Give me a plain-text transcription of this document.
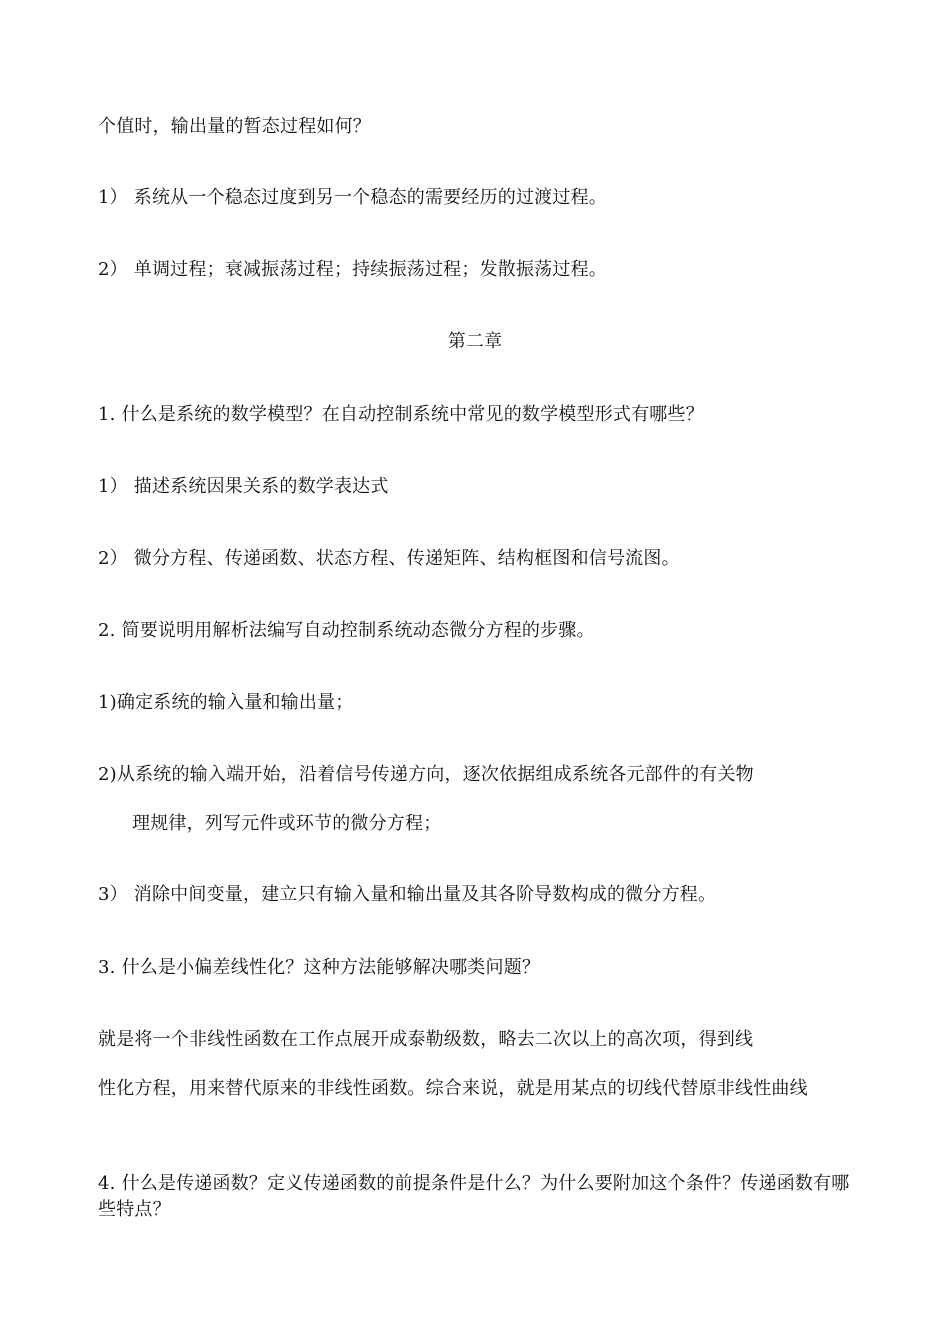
个值时，输出量的暂态过程如何？
1） 系统从一个稳态过度到另一个稳态的需要经历的过渡过程。
2） 单调过程；衰减振荡过程；持续振荡过程；发散振荡过程。
第二章
1. 什么是系统的数学模型？在自动控制系统中常见的数学模型形式有哪些？
1） 描述系统因果关系的数学表达式
2） 微分方程、传递函数、状态方程、传递矩阵、结构框图和信号流图。
2. 简要说明用解析法编写自动控制系统动态微分方程的步骤。
1)确定系统的输入量和输出量；
2)从系统的输入端开始，沿着信号传递方向，逐次依据组成系统各元部件的有关物
理规律，列写元件或环节的微分方程；
3） 消除中间变量，建立只有输入量和输出量及其各阶导数构成的微分方程。
3. 什么是小偏差线性化？这种方法能够解决哪类问题？
就是将一个非线性函数在工作点展开成泰勒级数，略去二次以上的高次项，得到线
性化方程，用来替代原来的非线性函数。综合来说，就是用某点的切线代替原非线性曲线
4. 什么是传递函数？定义传递函数的前提条件是什么？为什么要附加这个条件？传递函数有哪些特点？
